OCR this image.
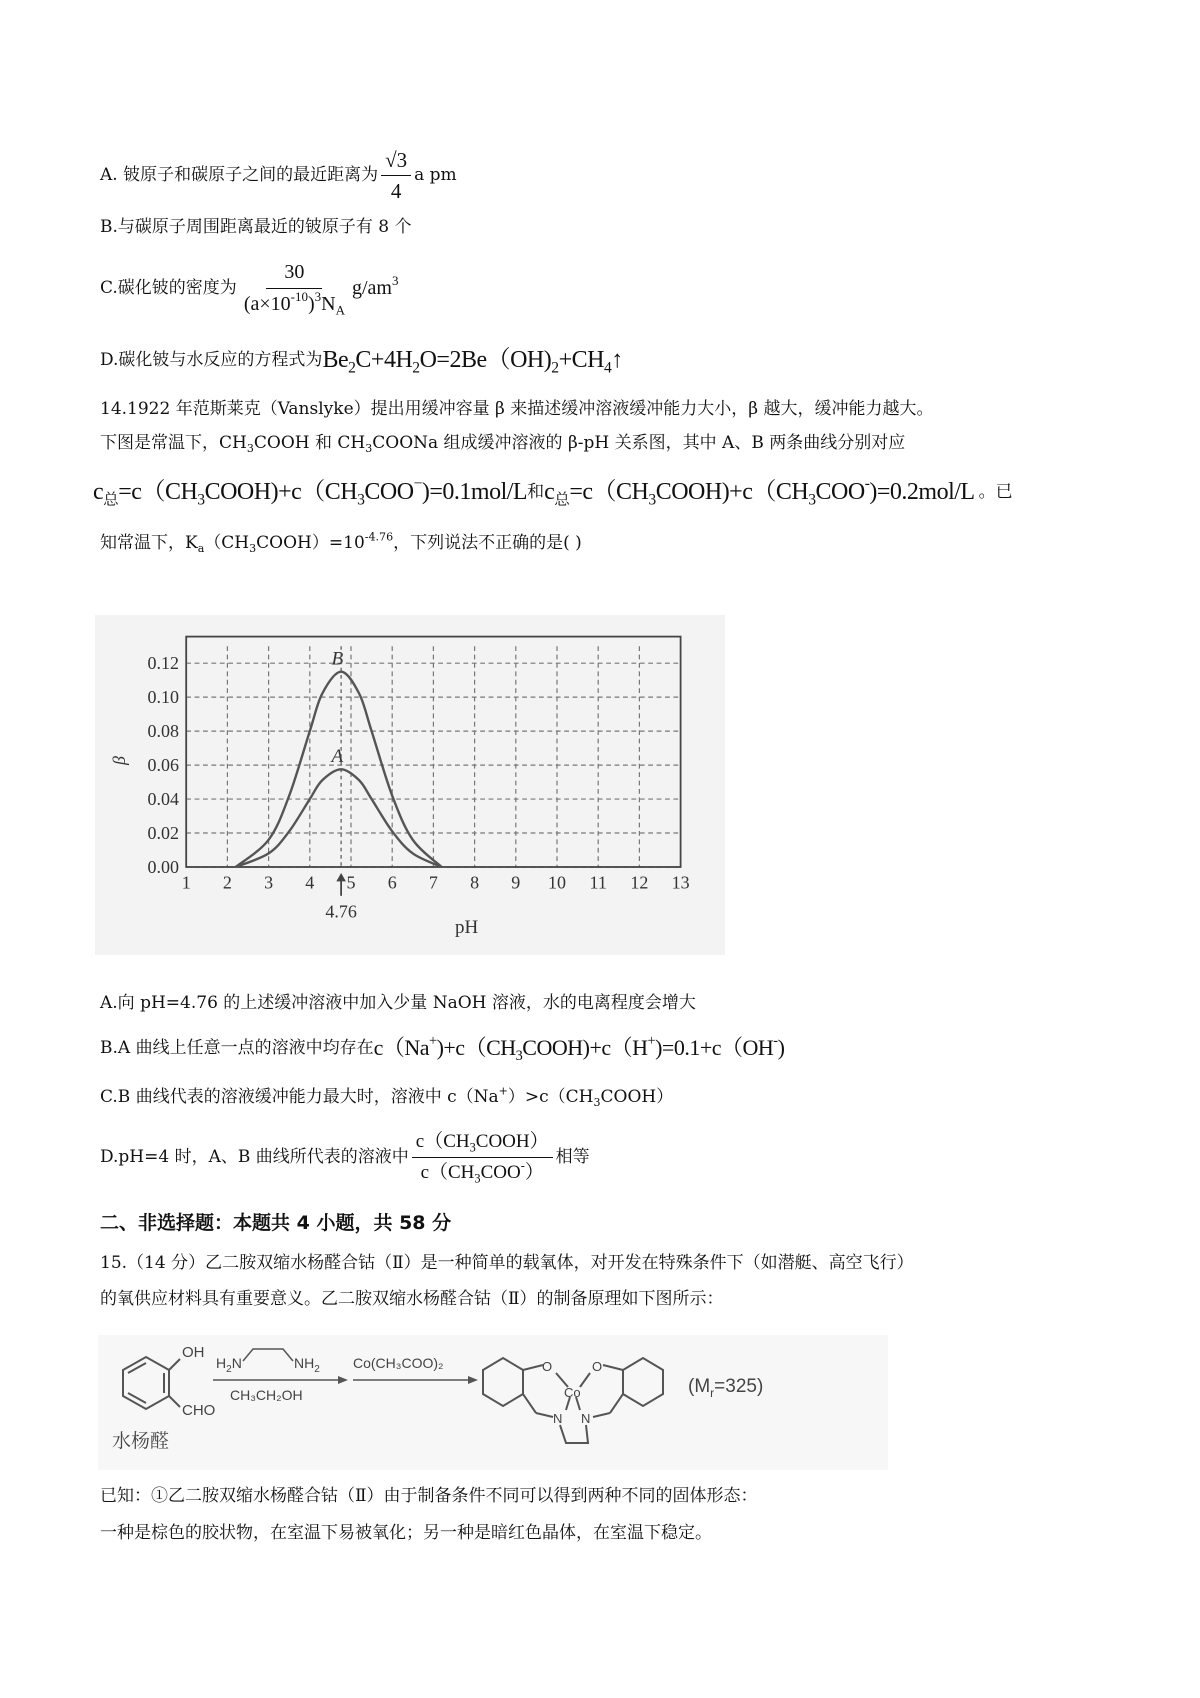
A. 铍原子和碳原子之间的最近距离为 $\frac{√3}{4}$ a pm
B.与碳原子周围距离最近的铍原子有 8 个
C.碳化铍的密度为 $\frac{30}{(a\times 10^{-10})^3N_A} g/am^3$
D.碳化铍与水反应的方程式为 $Be_2C+4H_2O=2Be(OH)_2+CH_4↑$
14.1922 年范斯莱克（Vanslyke）提出用缓冲容量 β 来描述缓冲溶液缓冲能力大小，β 越大，缓冲能力越大。
下图是常温下，$CH_3COOH$ 和 $CH_3COONa$ 组成缓冲溶液的 β-pH 关系图，其中 A、B 两条曲线分别对应
$c_总=c(CH_3COOH)+c(CH_3COO^-)=0.1mol/L$ 和 $c_总=c(CH_3COOH)+c(CH_3COO^-)=0.2mol/L$ 。已
知常温下，$K_a(CH_3COOH)=10^{-4.76}$，下列说法不正确的是( )
A
B
1 2 3 4 5 6 7 8 9 10 11 12 13
0.00
0.02
0.04
0.06
0.08
0.10
0.12
4.76
β
pH
A.向 pH=4.76 的上述缓冲溶液中加入少量 NaOH 溶液，水的电离程度会增大
B.A 曲线上任意一点的溶液中均存在 $c(Na^+)+c(CH_3COOH)+c(H^+)=0.1+c(OH^-)$
C.B 曲线代表的溶液缓冲能力最大时，溶液中 $c(Na^+)>c(CH_3COOH)$
D.pH=4 时，A、B 曲线所代表的溶液中 $\frac{c(CH_3COOH)}{c(CH_3COO^-)}$ 相等
二、非选择题：本题共 4 小题，共 58 分
15.（14 分）乙二胺双缩水杨醛合钴（Ⅱ）是一种简单的载氧体，对开发在特殊条件下（如潜艇、高空飞行）
的氧供应材料具有重要意义。乙二胺双缩水杨醛合钴（Ⅱ）的制备原理如下图所示：
OH
CHO
水杨醛
$H_2N$	$NH_2$
CH₃CH₂OH
Co(CH₃COO)₂	O	O
Co
N N
$(M_r=325)$
已知：①乙二胺双缩水杨醛合钴（Ⅱ）由于制备条件不同可以得到两种不同的固体形态：
一种是棕色的胶状物，在室温下易被氧化；另一种是暗红色晶体，在室温下稳定。
